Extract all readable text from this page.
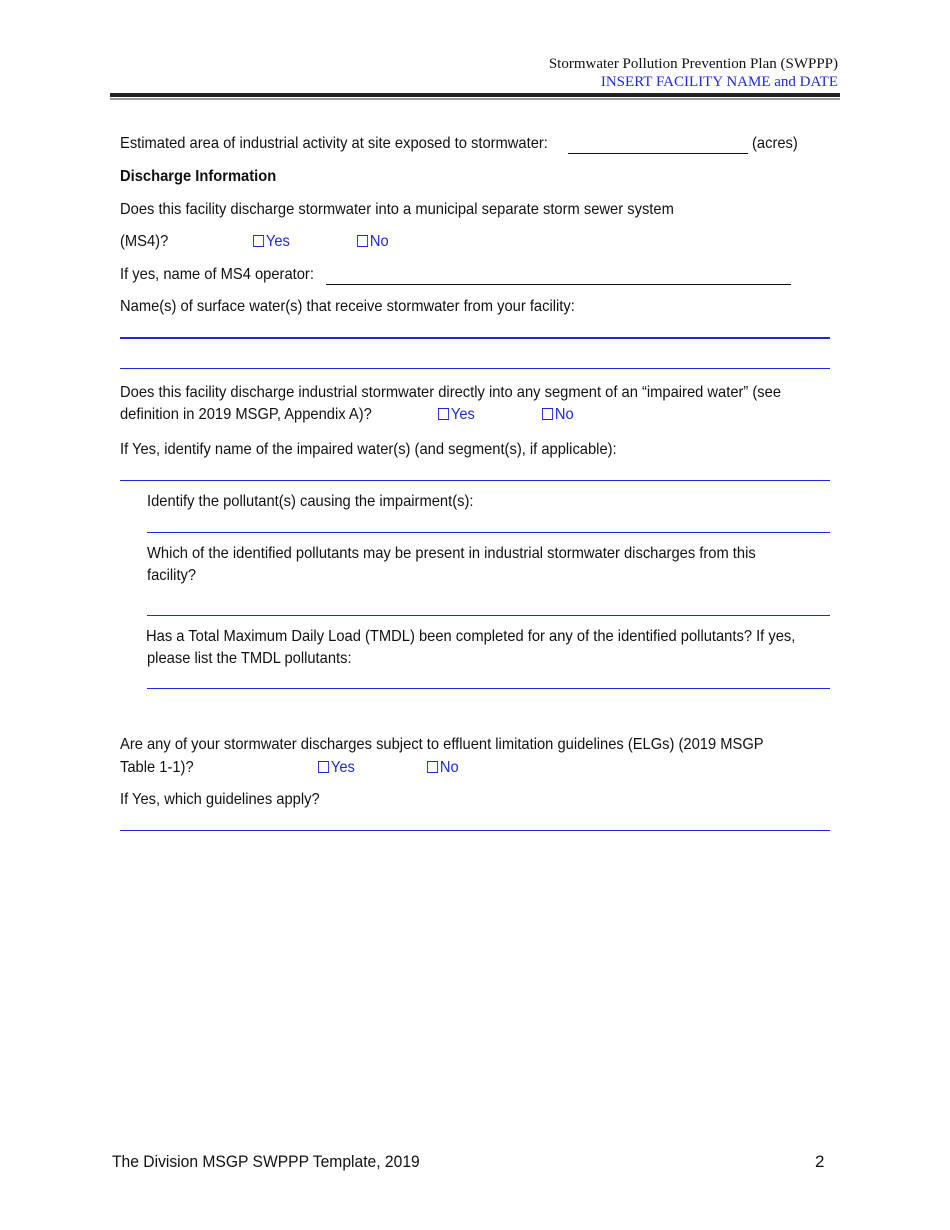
Stormwater Pollution Prevention Plan (SWPPP)
INSERT FACILITY NAME and DATE
Estimated area of industrial activity at site exposed to stormwater:	(acres)
Discharge Information
Does this facility discharge stormwater into a municipal separate storm sewer system
(MS4)?	Yes	No
If yes, name of MS4 operator:
Name(s) of surface water(s) that receive stormwater from your facility:
Does this facility discharge industrial stormwater directly into any segment of an “impaired water” (see
definition in 2019 MSGP, Appendix A)?	Yes	No
If Yes, identify name of the impaired water(s) (and segment(s), if applicable):
Identify the pollutant(s) causing the impairment(s):
Which of the identified pollutants may be present in industrial stormwater discharges from this
facility?
Has a Total Maximum Daily Load (TMDL) been completed for any of the identified pollutants? If yes,
please list the TMDL pollutants:
Are any of your stormwater discharges subject to effluent limitation guidelines (ELGs) (2019 MSGP
Table 1-1)?	Yes	No
If Yes, which guidelines apply?
The Division MSGP SWPPP Template, 2019	2
